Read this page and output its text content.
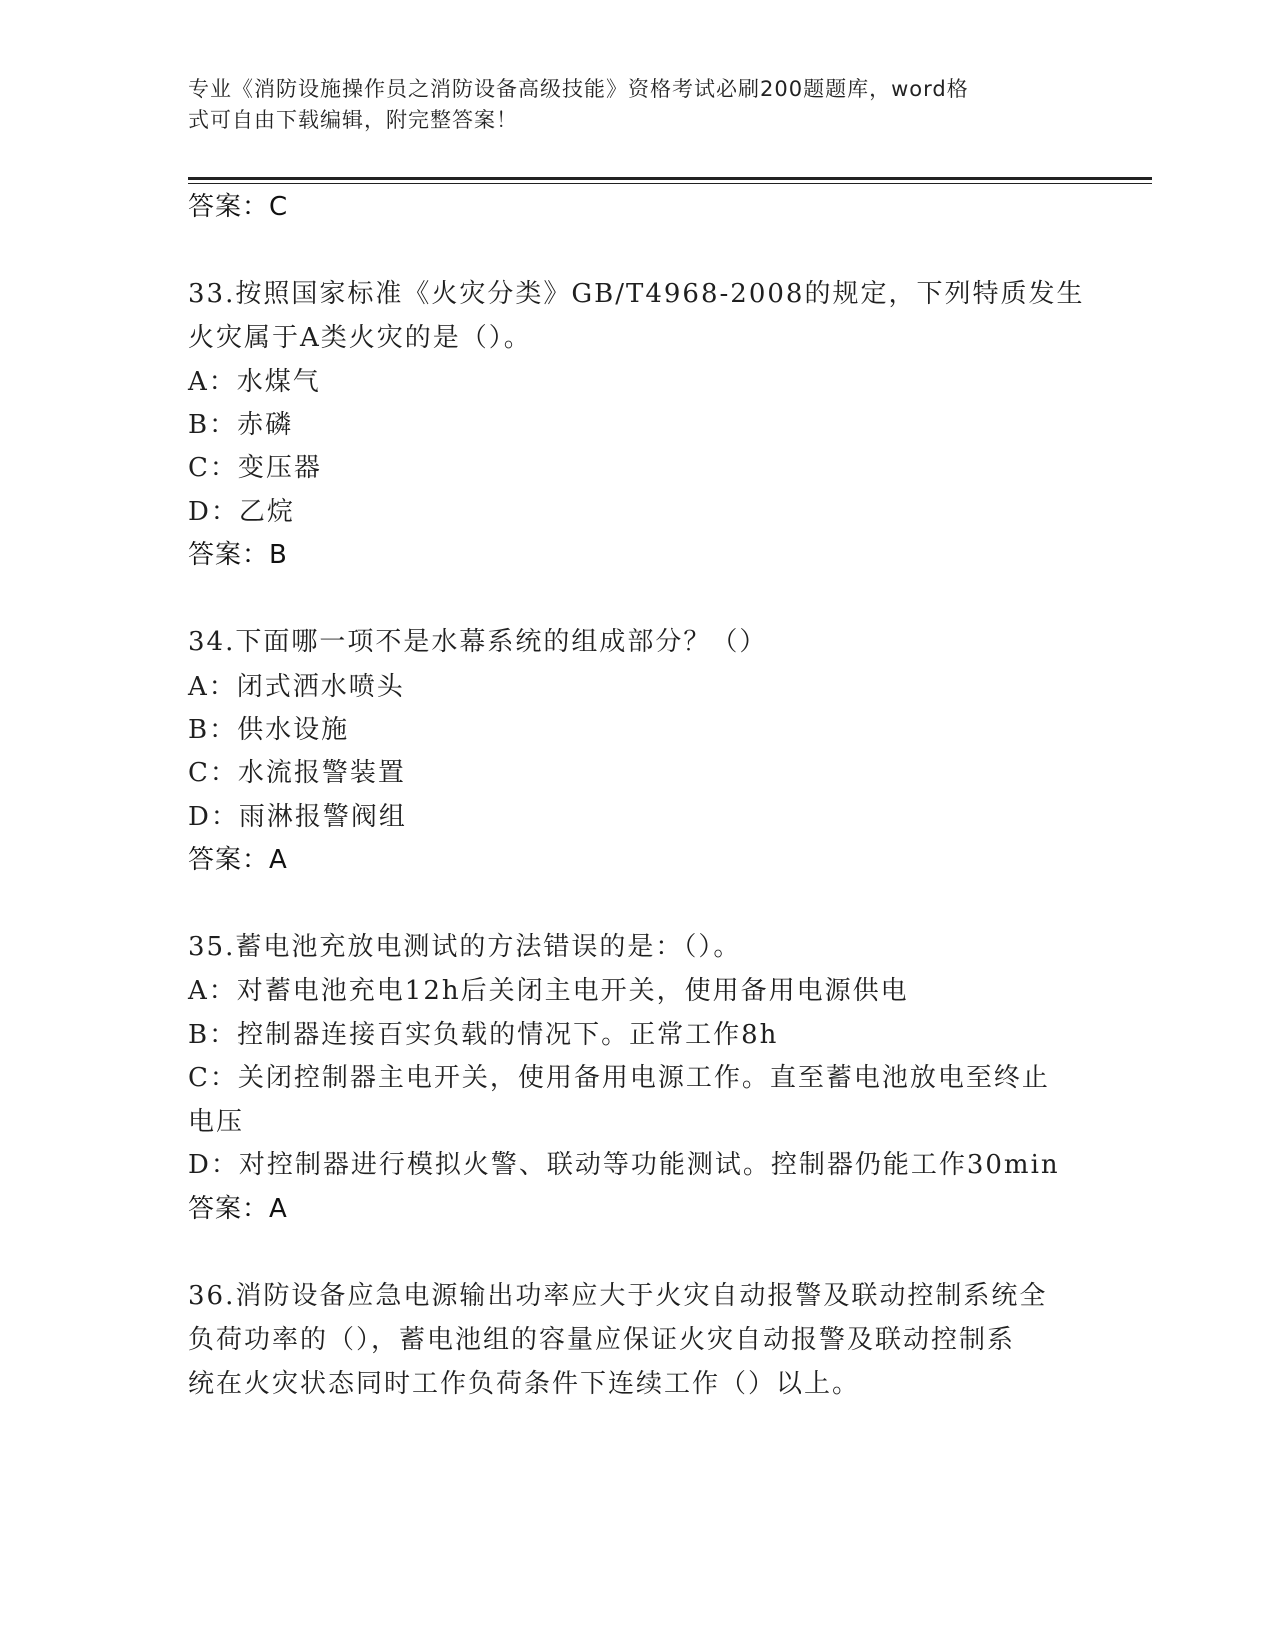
专业《消防设施操作员之消防设备高级技能》资格考试必刷200题题库，word格
式可自由下载编辑，附完整答案！
答案：C
33.按照国家标准《火灾分类》GB/T4968-2008的规定，下列特质发生
火灾属于A类火灾的是（）。
A：水煤气
B：赤磷
C：变压器
D：乙烷
答案：B
34.下面哪一项不是水幕系统的组成部分？（）
A：闭式洒水喷头
B：供水设施
C：水流报警装置
D：雨淋报警阀组
答案：A
35.蓄电池充放电测试的方法错误的是：（）。
A：对蓄电池充电12h后关闭主电开关，使用备用电源供电
B：控制器连接百实负载的情况下。正常工作8h
C：关闭控制器主电开关，使用备用电源工作。直至蓄电池放电至终止
电压
D：对控制器进行模拟火警、联动等功能测试。控制器仍能工作30min
答案：A
36.消防设备应急电源输出功率应大于火灾自动报警及联动控制系统全
负荷功率的（），蓄电池组的容量应保证火灾自动报警及联动控制系
统在火灾状态同时工作负荷条件下连续工作（）以上。
